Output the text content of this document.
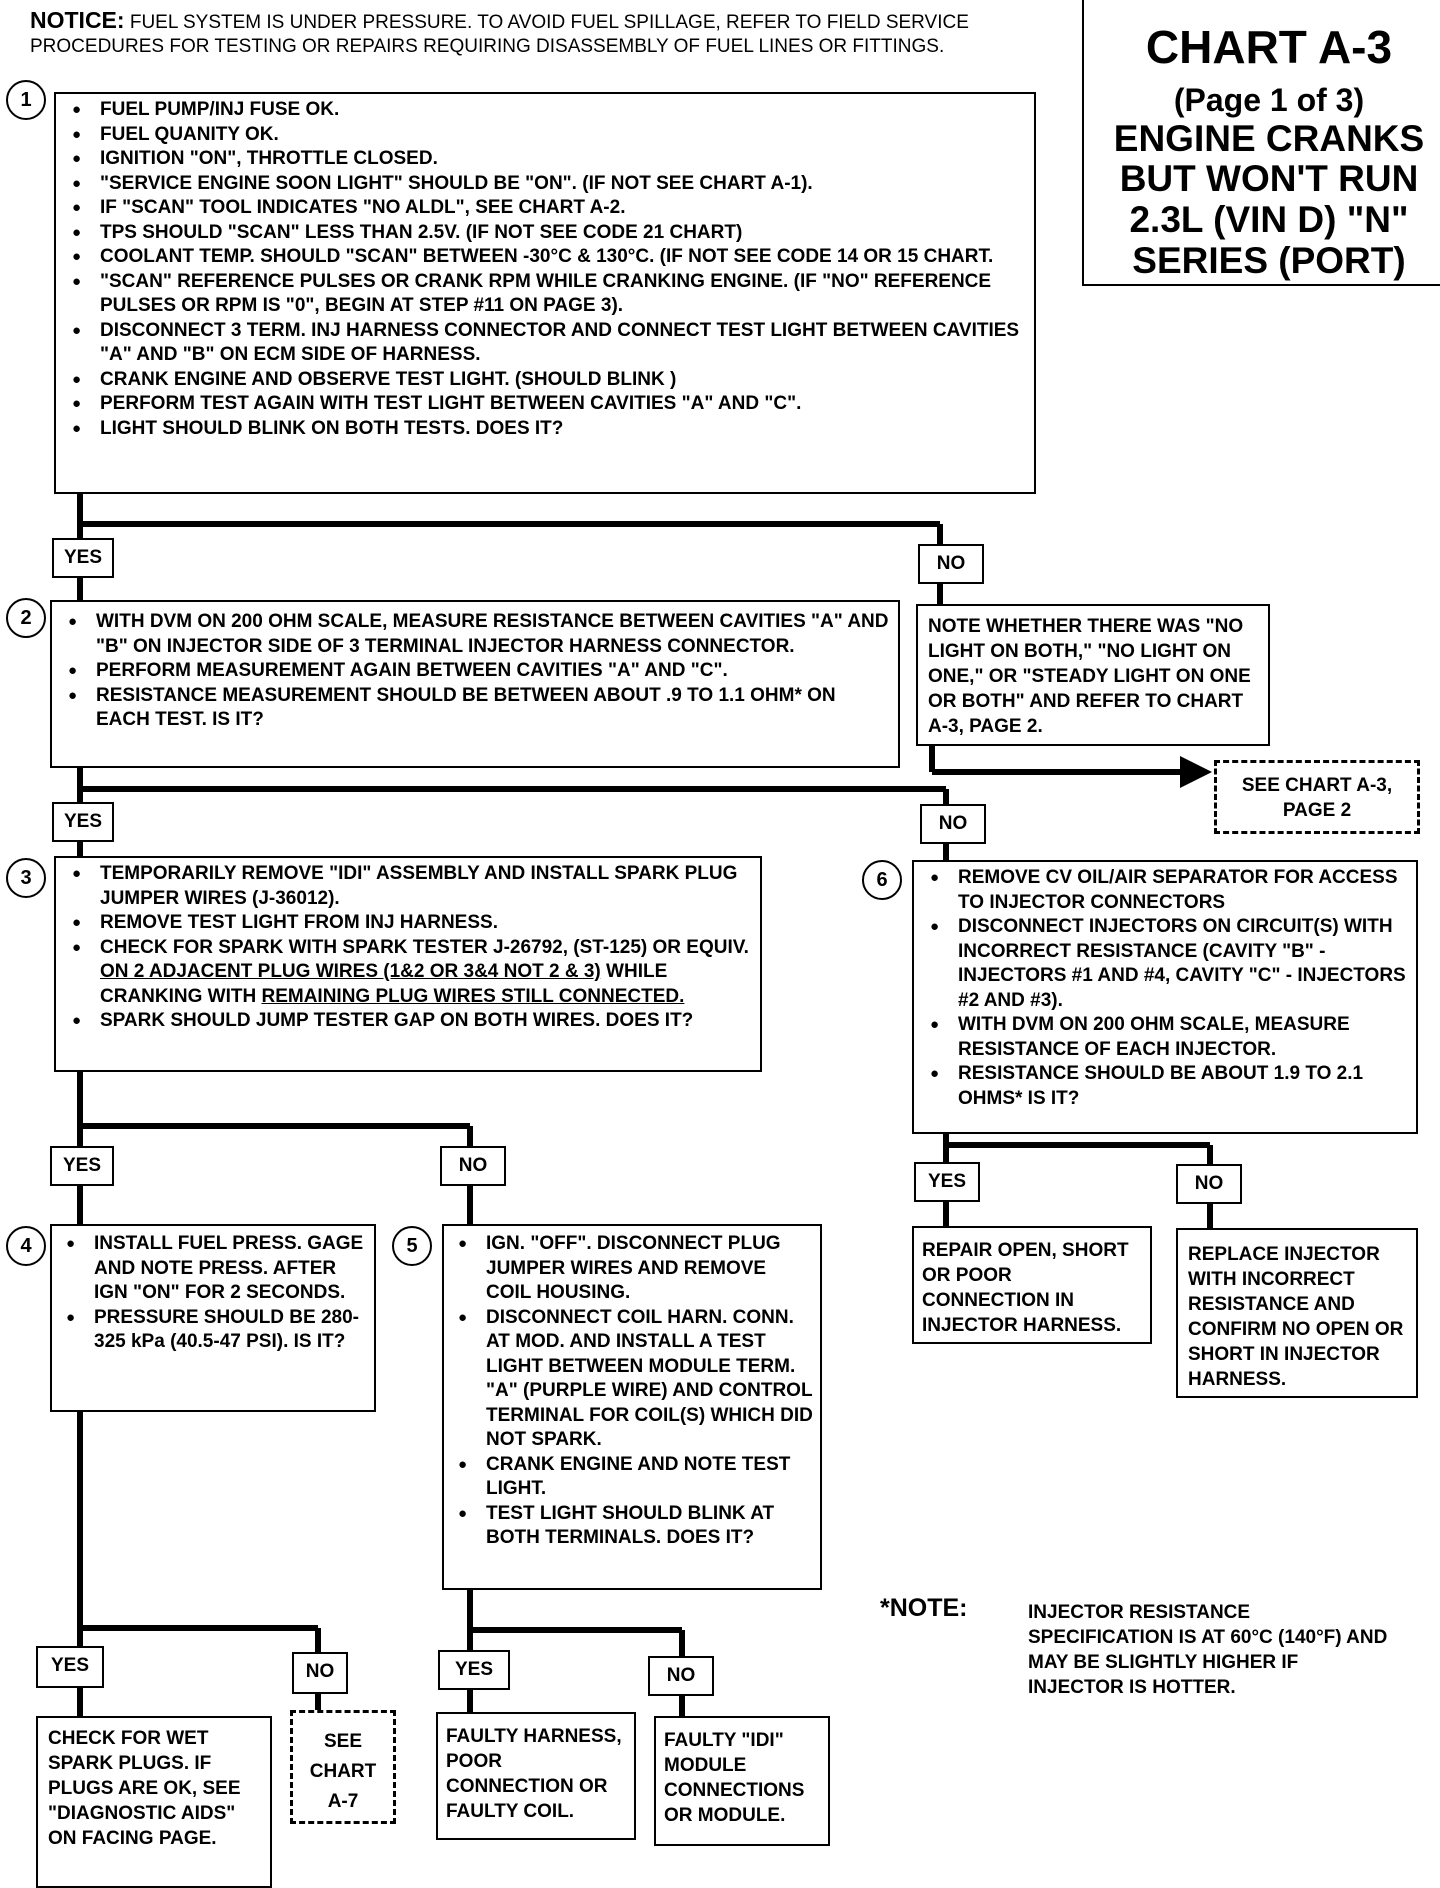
NOTICE: FUEL SYSTEM IS UNDER PRESSURE. TO AVOID FUEL SPILLAGE, REFER TO FIELD SERVICE PROCEDURES FOR TESTING OR REPAIRS REQUIRING DISASSEMBLY OF FUEL LINES OR FITTINGS.	CHART A-3
(Page 1 of 3)
ENGINE CRANKS
BUT WON'T RUN
2.3L (VIN D) "N"
SERIES (PORT)
1	● FUEL PUMP/INJ FUSE OK.
● FUEL QUANITY OK.
● IGNITION "ON", THROTTLE CLOSED.
● "SERVICE ENGINE SOON LIGHT" SHOULD BE "ON". (IF NOT SEE CHART A-1).
● IF "SCAN" TOOL INDICATES "NO ALDL", SEE CHART A-2.
● TPS SHOULD "SCAN" LESS THAN 2.5V. (IF NOT SEE CODE 21 CHART)
● COOLANT TEMP. SHOULD "SCAN" BETWEEN -30°C & 130°C. (IF NOT SEE CODE 14 OR 15 CHART.
● "SCAN" REFERENCE PULSES OR CRANK RPM WHILE CRANKING ENGINE. (IF "NO" REFERENCE PULSES OR RPM IS "0", BEGIN AT STEP #11 ON PAGE 3).
● DISCONNECT 3 TERM. INJ HARNESS CONNECTOR AND CONNECT TEST LIGHT BETWEEN CAVITIES "A" AND "B" ON ECM SIDE OF HARNESS.
● CRANK ENGINE AND OBSERVE TEST LIGHT. (SHOULD BLINK )
● PERFORM TEST AGAIN WITH TEST LIGHT BETWEEN CAVITIES "A" AND "C".
● LIGHT SHOULD BLINK ON BOTH TESTS. DOES IT?
YES	NO
2	● WITH DVM ON 200 OHM SCALE, MEASURE RESISTANCE BETWEEN CAVITIES "A" AND "B" ON INJECTOR SIDE OF 3 TERMINAL INJECTOR HARNESS CONNECTOR.
● PERFORM MEASUREMENT AGAIN BETWEEN CAVITIES "A" AND "C".
● RESISTANCE MEASUREMENT SHOULD BE BETWEEN ABOUT .9 TO 1.1 OHM* ON EACH TEST. IS IT?
NOTE WHETHER THERE WAS "NO LIGHT ON BOTH," "NO LIGHT ON ONE," OR "STEADY LIGHT ON ONE OR BOTH" AND REFER TO CHART A-3, PAGE 2.
SEE CHART A-3, PAGE 2
YES	NO
3	● TEMPORARILY REMOVE "IDI" ASSEMBLY AND INSTALL SPARK PLUG JUMPER WIRES (J-36012).
● REMOVE TEST LIGHT FROM INJ HARNESS.
● CHECK FOR SPARK WITH SPARK TESTER J-26792, (ST-125) OR EQUIV. ON 2 ADJACENT PLUG WIRES (1&2 OR 3&4 NOT 2 & 3) WHILE CRANKING WITH REMAINING PLUG WIRES STILL CONNECTED.
● SPARK SHOULD JUMP TESTER GAP ON BOTH WIRES. DOES IT?
6	● REMOVE CV OIL/AIR SEPARATOR FOR ACCESS TO INJECTOR CONNECTORS
● DISCONNECT INJECTORS ON CIRCUIT(S) WITH INCORRECT RESISTANCE (CAVITY "B" - INJECTORS #1 AND #4, CAVITY "C" - INJECTORS #2 AND #3).
● WITH DVM ON 200 OHM SCALE, MEASURE RESISTANCE OF EACH INJECTOR.
● RESISTANCE SHOULD BE ABOUT 1.9 TO 2.1 OHMS* IS IT?
YES	NO
YES	NO
REPAIR OPEN, SHORT OR POOR CONNECTION IN INJECTOR HARNESS.
REPLACE INJECTOR WITH INCORRECT RESISTANCE AND CONFIRM NO OPEN OR SHORT IN INJECTOR HARNESS.
4	● INSTALL FUEL PRESS. GAGE AND NOTE PRESS. AFTER IGN "ON" FOR 2 SECONDS.
● PRESSURE SHOULD BE 280-325 kPa (40.5-47 PSI). IS IT?
5	● IGN. "OFF". DISCONNECT PLUG JUMPER WIRES AND REMOVE COIL HOUSING.
● DISCONNECT COIL HARN. CONN. AT MOD. AND INSTALL A TEST LIGHT BETWEEN MODULE TERM. "A" (PURPLE WIRE) AND CONTROL TERMINAL FOR COIL(S) WHICH DID NOT SPARK.
● CRANK ENGINE AND NOTE TEST LIGHT.
● TEST LIGHT SHOULD BLINK AT BOTH TERMINALS. DOES IT?
*NOTE:	INJECTOR RESISTANCE SPECIFICATION IS AT 60°C (140°F) AND MAY BE SLIGHTLY HIGHER IF INJECTOR IS HOTTER.
YES	NO	YES	NO
CHECK FOR WET SPARK PLUGS. IF PLUGS ARE OK, SEE "DIAGNOSTIC AIDS" ON FACING PAGE.
SEE
CHART
A-7
FAULTY HARNESS, POOR CONNECTION OR FAULTY COIL.
FAULTY "IDI" MODULE CONNECTIONS OR MODULE.
